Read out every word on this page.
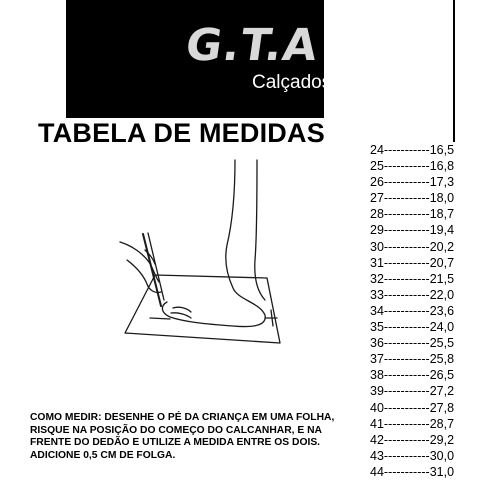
G.T.A
Calçados
TABELA DE MEDIDAS
24-----------16,5
25-----------16,8
26-----------17,3
27-----------18,0
28-----------18,7
29-----------19,4
30-----------20,2
31-----------20,7
32-----------21,5
33-----------22,0
34-----------23,6
35-----------24,0
36-----------25,5
37-----------25,8
38-----------26,5
39-----------27,2
40-----------27,8
41-----------28,7
42-----------29,2
43-----------30,0
44-----------31,0
COMO MEDIR: DESENHE O PÉ DA CRIANÇA EM UMA FOLHA,
RISQUE NA POSIÇÃO DO COMEÇO DO CALCANHAR, E NA
FRENTE DO DEDÃO E UTILIZE A MEDIDA ENTRE OS DOIS.
ADICIONE 0,5 CM DE FOLGA.
